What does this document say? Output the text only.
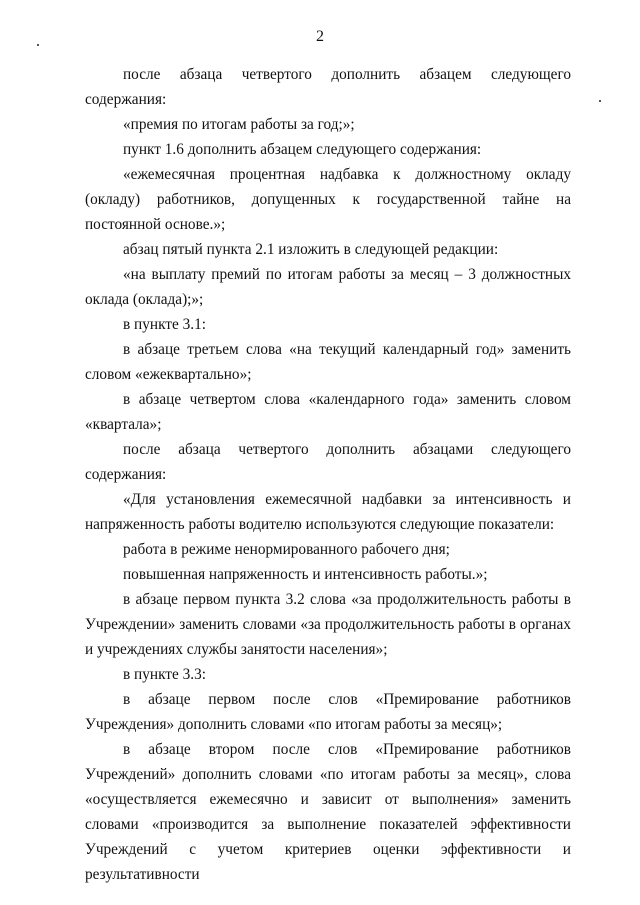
2

после абзаца четвертого дополнить абзацем следующего содержания:

«премия по итогам работы за год;»;

пункт 1.6 дополнить абзацем следующего содержания:

«ежемесячная процентная надбавка к должностному окладу (окладу) работников, допущенных к государственной тайне на постоянной основе.»;

абзац пятый пункта 2.1 изложить в следующей редакции:

«на выплату премий по итогам работы за месяц – 3 должностных оклада (оклада);»;

в пункте 3.1:

в абзаце третьем слова «на текущий календарный год» заменить словом «ежеквартально»;

в абзаце четвертом слова «календарного года» заменить словом «квартала»;

после абзаца четвертого дополнить абзацами следующего содержания:

«Для установления ежемесячной надбавки за интенсивность и напряженность работы водителю используются следующие показатели:

работа в режиме ненормированного рабочего дня;

повышенная напряженность и интенсивность работы.»;

в абзаце первом пункта 3.2 слова «за продолжительность работы в Учреждении» заменить словами «за продолжительность работы в органах и учреждениях службы занятости населения»;

в пункте 3.3:

в абзаце первом после слов «Премирование работников Учреждения» дополнить словами «по итогам работы за месяц»;

в абзаце втором после слов «Премирование работников Учреждений» дополнить словами «по итогам работы за месяц», слова «осуществляется ежемесячно и зависит от выполнения» заменить словами «производится за выполнение показателей эффективности Учреждений с учетом критериев оценки эффективности и результативности
